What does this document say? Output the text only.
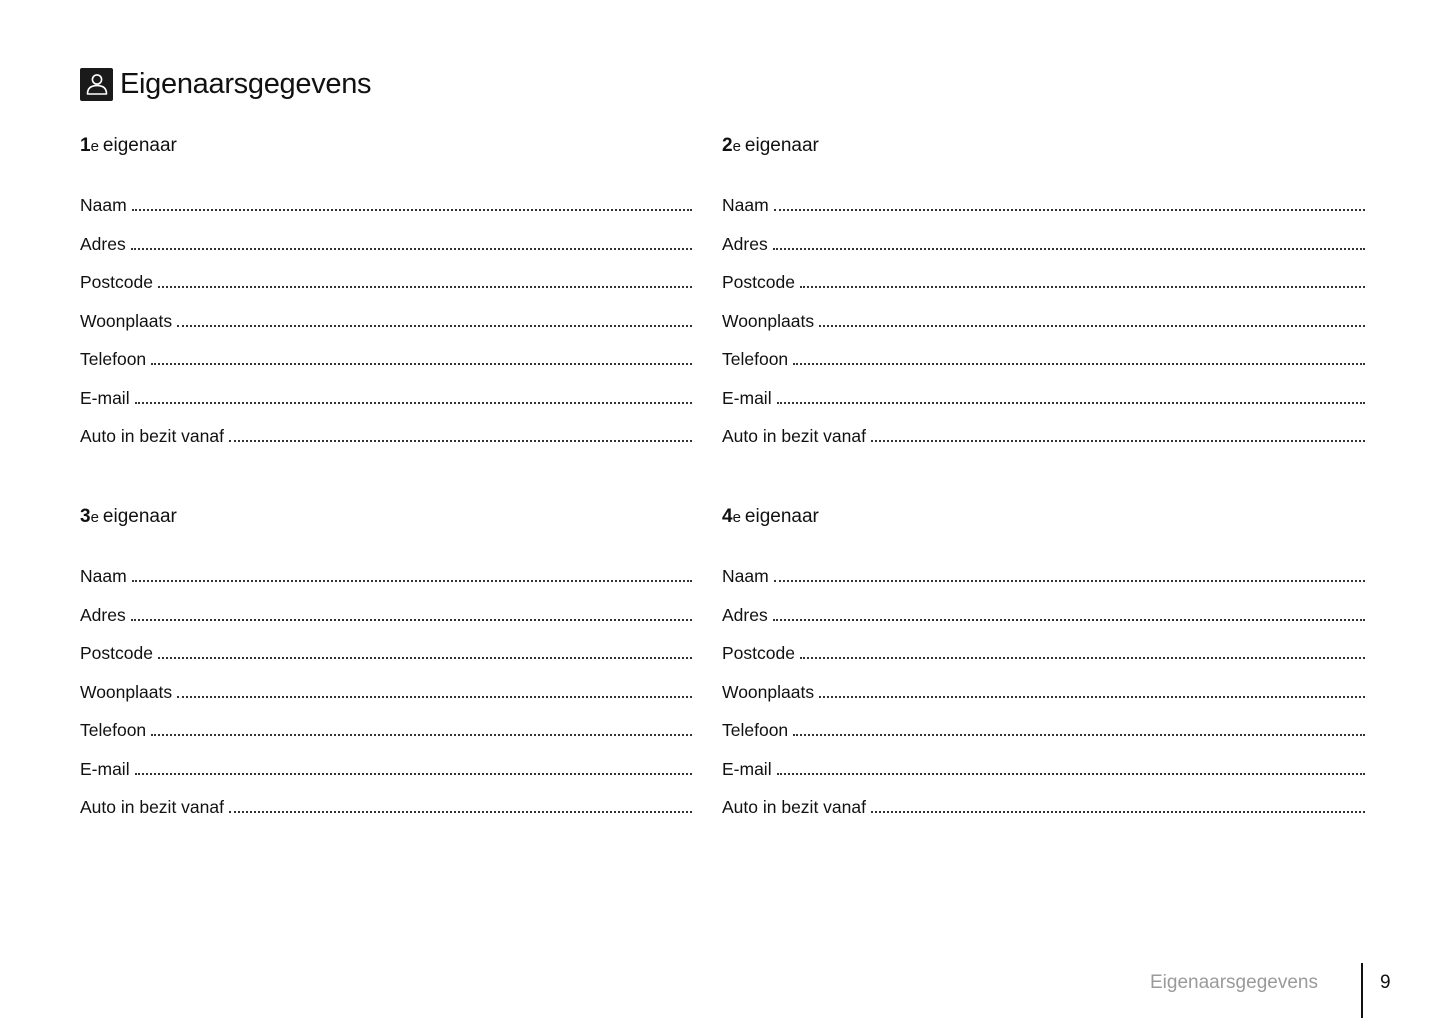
Eigenaarsgegevens
1e eigenaar
Naam
Adres
Postcode
Woonplaats
Telefoon
E-mail
Auto in bezit vanaf
2e eigenaar
Naam
Adres
Postcode
Woonplaats
Telefoon
E-mail
Auto in bezit vanaf
3e eigenaar
Naam
Adres
Postcode
Woonplaats
Telefoon
E-mail
Auto in bezit vanaf
4e eigenaar
Naam
Adres
Postcode
Woonplaats
Telefoon
E-mail
Auto in bezit vanaf
Eigenaarsgegevens	9
